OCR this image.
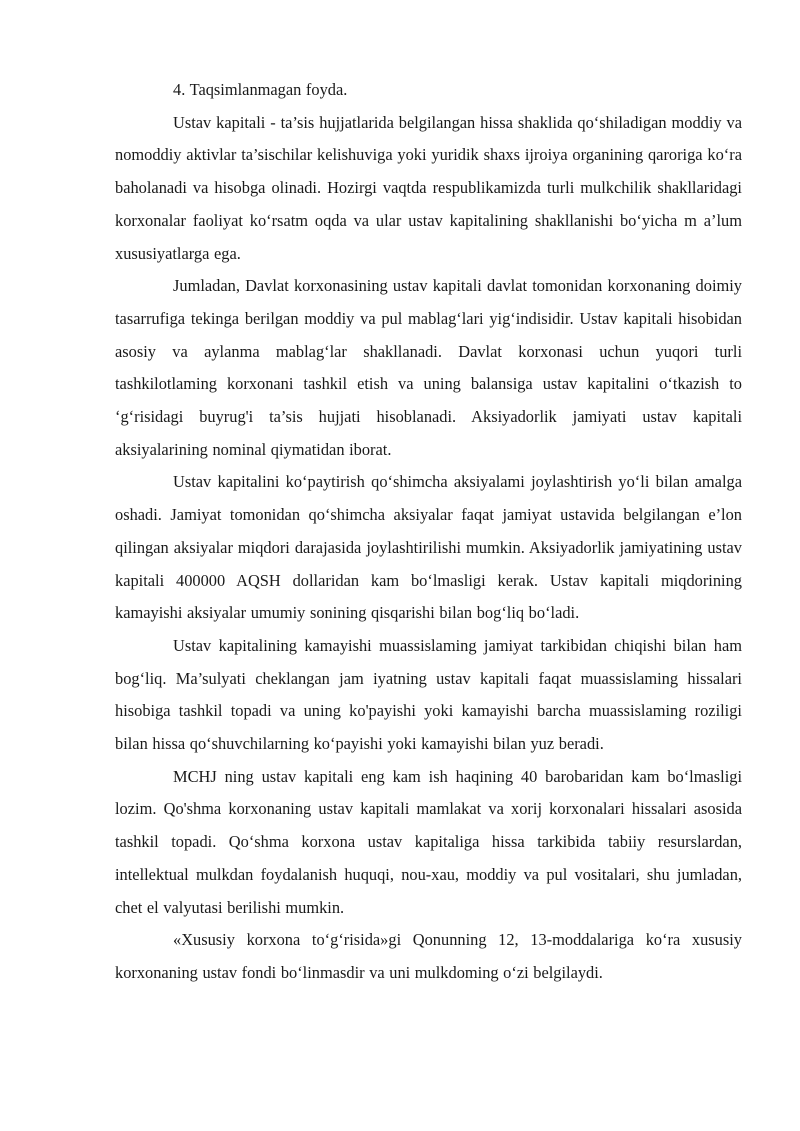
4. Taqsimlanmagan foyda.

Ustav kapitali - ta’sis hujjatlarida belgilangan hissa shaklida qo‘shiladigan moddiy va nomoddiy aktivlar ta’sischilar kelishuviga yoki yuridik shaxs ijroiya organining qaroriga ko‘ra baholanadi va hisobga olinadi. Hozirgi vaqtda respublikamizda turli mulkchilik shakllaridagi korxonalar faoliyat ko‘rsatm oqda va ular ustav kapitalining shakllanishi bo‘yicha m a’lum xususiyatlarga ega.

Jumladan, Davlat korxonasining ustav kapitali davlat tomonidan korxonaning doimiy tasarrufiga tekinga berilgan moddiy va pul mablag‘lari yig‘indisidir. Ustav kapitali hisobidan asosiy va aylanma mablag‘lar shakllanadi. Davlat korxonasi uchun yuqori turli tashkilotlaming korxonani tashkil etish va uning balansiga ustav kapitalini o‘tkazish to ‘g‘risidagi buyrug'i ta’sis hujjati hisoblanadi. Aksiyadorlik jamiyati ustav kapitali aksiyalarining nominal qiymatidan iborat.

Ustav kapitalini ko‘paytirish qo‘shimcha aksiyalami joylashtirish yo‘li bilan amalga oshadi. Jamiyat tomonidan qo‘shimcha aksiyalar faqat jamiyat ustavida belgilangan e’lon qilingan aksiyalar miqdori darajasida joylashtirilishi mumkin. Aksiyadorlik jamiyatining ustav kapitali 400000 AQSH dollaridan kam bo‘lmasligi kerak. Ustav kapitali miqdorining kamayishi aksiyalar umumiy sonining qisqarishi bilan bog‘liq bo‘ladi.

Ustav kapitalining kamayishi muassislaming jamiyat tarkibidan chiqishi bilan ham bog‘liq. Ma’sulyati cheklangan jam iyatning ustav kapitali faqat muassislaming hissalari hisobiga tashkil topadi va uning ko'payishi yoki kamayishi barcha muassislaming roziligi bilan hissa qo‘shuvchilarning ko‘payishi yoki kamayishi bilan yuz beradi.

MCHJ ning ustav kapitali eng kam ish haqining 40 barobaridan kam bo‘lmasligi lozim. Qo'shma korxonaning ustav kapitali mamlakat va xorij korxonalari hissalari asosida tashkil topadi. Qo‘shma korxona ustav kapitaliga hissa tarkibida tabiiy resurslardan, intellektual mulkdan foydalanish huquqi, nou-xau, moddiy va pul vositalari, shu jumladan, chet el valyutasi berilishi mumkin.

«Xususiy korxona to‘g‘risida»gi Qonunning 12, 13-moddalariga ko‘ra xususiy korxonaning ustav fondi bo‘linmasdir va uni mulkdoming o‘zi belgilaydi.
